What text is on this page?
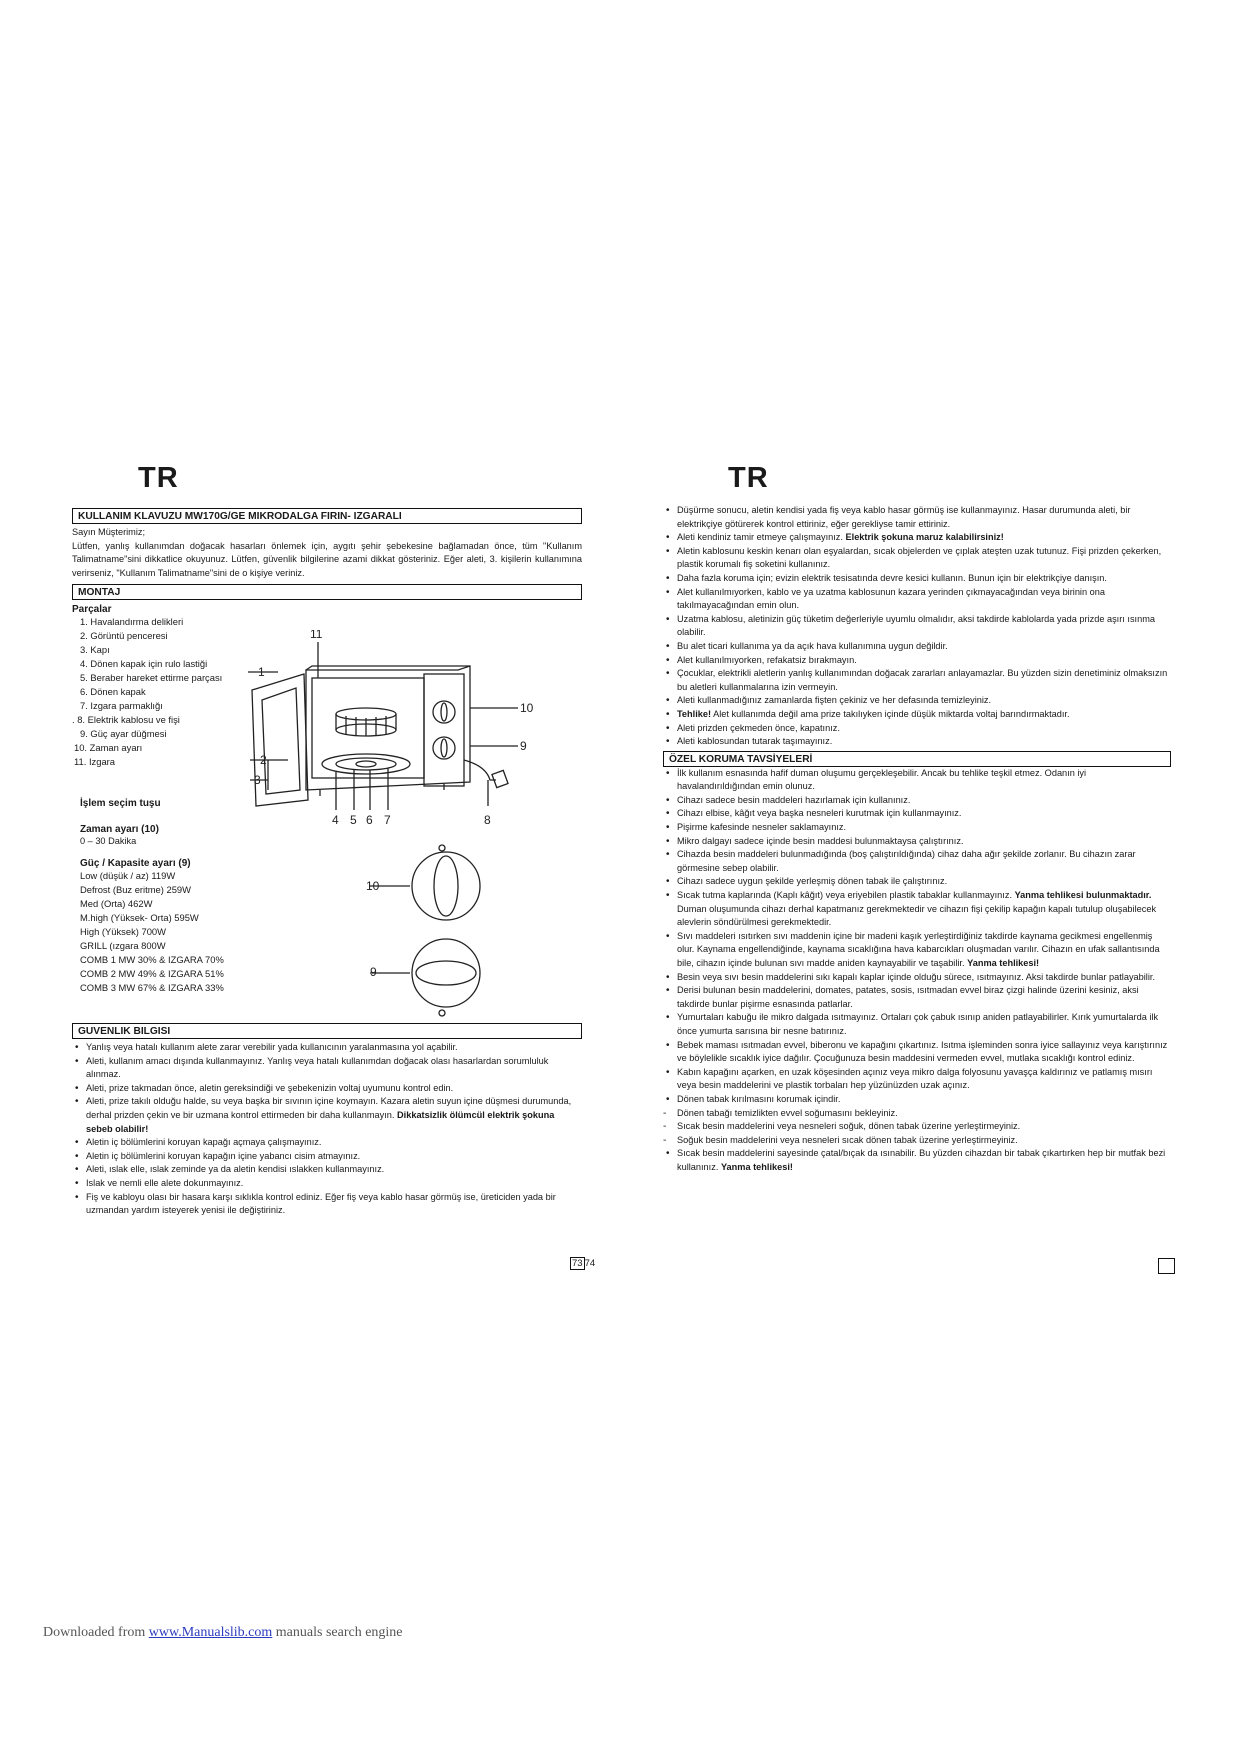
TR	TR
KULLANIM KLAVUZU MW170G/GE MIKRODALGA FIRIN- IZGARALI

Sayın Müşterimiz;

Lütfen, yanlış kullanımdan doğacak hasarları önlemek için, aygıtı şehir şebekesine bağlamadan önce, tüm "Kullanım Talimatname"sini dikkatlice okuyunuz. Lütfen, güvenlik bilgilerine azami dikkat gösteriniz. Eğer aleti, 3. kişilerin kullanımına verirseniz, "Kullanım Talimatname"sini de o kişiye veriniz.

MONTAJ
Parçalar
1. Havalandırma delikleri
2. Görüntü penceresi
3. Kapı
4. Dönen kapak için rulo lastiği
5. Beraber hareket ettirme parçası
6. Dönen kapak
7. Izgara parmaklığı
. 8. Elektrik kablosu ve fişi
9. Güç ayar düğmesi
10. Zaman ayarı
11. Izgara
İşlem seçim tuşu
Zaman ayarı (10)
0 – 30 Dakika
Güç / Kapasite ayarı (9)
Low (düşük / az) 119W
Defrost (Buz eritme) 259W
Med (Orta) 462W
M.high (Yüksek- Orta) 595W
High (Yüksek) 700W
GRILL (ızgara 800W
COMB 1 MW 30% & IZGARA 70%
COMB 2 MW 49% & IZGARA 51%
COMB 3 MW 67% & IZGARA 33%
GUVENLIK BILGISI
• Yanlış veya hatalı kullanım alete zarar verebilir yada kullanıcının yaralanmasına yol açabilir.
• Aleti, kullanım amacı dışında kullanmayınız. Yanlış veya hatalı kullanımdan doğacak olası hasarlardan sorumluluk alınmaz.
• Aleti, prize takmadan önce, aletin gereksindiği ve şebekenizin voltaj uyumunu kontrol edin.
• Aleti, prize takılı olduğu halde, su veya başka bir sıvının içine koymayın. Kazara aletin suyun içine düşmesi durumunda, derhal prizden çekin ve bir uzmana kontrol ettirmeden bir daha kullanmayın. Dikkatsizlik ölümcül elektrik şokuna sebeb olabilir!
• Aletin iç bölümlerini koruyan kapağı açmaya çalışmayınız.
• Aletin iç bölümlerini koruyan kapağın içine yabancı cisim atmayınız.
• Aleti, ıslak elle, ıslak zeminde ya da aletin kendisi ıslakken kullanmayınız.
• Islak ve nemli elle alete dokunmayınız.
• Fiş ve kabloyu olası bir hasara karşı sıklıkla kontrol ediniz. Eğer fiş veya kablo hasar görmüş ise, üreticiden yada bir uzmandan yardım isteyerek yenisi ile değiştiriniz.
1
2
3
4 5 6 7	8
9
10
11
10
9
73 74
• Düşürme sonucu, aletin kendisi yada fiş veya kablo hasar görmüş ise kullanmayınız. Hasar durumunda aleti, bir elektrikçiye götürerek kontrol ettiriniz, eğer gerekliyse tamir ettiriniz.
• Aleti kendiniz tamir etmeye çalışmayınız. Elektrik şokuna maruz kalabilirsiniz!
• Aletin kablosunu keskin kenarı olan eşyalardan, sıcak objelerden ve çıplak ateşten uzak tutunuz. Fişi prizden çekerken, plastik korumalı fiş soketini kullanınız.
• Daha fazla koruma için; evizin elektrik tesisatında devre kesici kullanın. Bunun için bir elektrikçiye danışın.
• Alet kullanılmıyorken, kablo ve ya uzatma kablosunun kazara yerinden çıkmayacağından veya birinin ona takılmayacağından emin olun.
• Uzatma kablosu, aletinizin güç tüketim değerleriyle uyumlu olmalıdır, aksi takdirde kablolarda yada prizde aşırı ısınma olabilir.
• Bu alet ticari kullanıma ya da açık hava kullanımına uygun değildir.
• Alet kullanılmıyorken, refakatsiz bırakmayın.
• Çocuklar, elektrikli aletlerin yanlış kullanımından doğacak zararları anlayamazlar. Bu yüzden sizin denetiminiz olmaksızın bu aletleri kullanmalarına izin vermeyin.
• Aleti kullanmadığınız zamanlarda fişten çekiniz ve her defasında temizleyiniz.
• Tehlike! Alet kullanımda değil ama prize takılıyken içinde düşük miktarda voltaj barındırmaktadır.
• Aleti prizden çekmeden önce, kapatınız.
• Aleti kablosundan tutarak taşımayınız.
ÖZEL KORUMA TAVSİYELERİ
• İlk kullanım esnasında hafif duman oluşumu gerçekleşebilir. Ancak bu tehlike teşkil etmez. Odanın iyi havalandırıldığından emin olunuz.
• Cihazı sadece besin maddeleri hazırlamak için kullanınız.
• Cihazı elbise, kâğıt veya başka nesneleri kurutmak için kullanmayınız.
• Pişirme kafesinde nesneler saklamayınız.
• Mikro dalgayı sadece içinde besin maddesi bulunmaktaysa çalıştırınız.
• Cihazda besin maddeleri bulunmadığında (boş çalıştırıldığında) cihaz daha ağır şekilde zorlanır. Bu cihazın zarar görmesine sebep olabilir.
• Cihazı sadece uygun şekilde yerleşmiş dönen tabak ile çalıştırınız.
• Sıcak tutma kaplarında (Kaplı kâğıt) veya eriyebilen plastik tabaklar kullanmayınız. Yanma tehlikesi bulunmaktadır. Duman oluşumunda cihazı derhal kapatmanız gerekmektedir ve cihazın fişi çekilip kapağın kapalı tutulup oluşabilecek alevlerin söndürülmesi gerekmektedir.
• Sıvı maddeleri ısıtırken sıvı maddenin içine bir madeni kaşık yerleştirdiğiniz takdirde kaynama gecikmesi engellenmiş olur. Kaynama engellendiğinde, kaynama sıcaklığına hava kabarcıkları oluşmadan varılır. Cihazın en ufak sallantısında bile, cihazın içinde bulunan sıvı madde aniden kaynayabilir ve taşabilir. Yanma tehlikesi!
• Besin veya sıvı besin maddelerini sıkı kapalı kaplar içinde olduğu sürece, ısıtmayınız. Aksi takdirde bunlar patlayabilir.
• Derisi bulunan besin maddelerini, domates, patates, sosis, ısıtmadan evvel biraz çizgi halinde üzerini kesiniz, aksi takdirde bunlar pişirme esnasında patlarlar.
• Yumurtaları kabuğu ile mikro dalgada ısıtmayınız. Ortaları çok çabuk ısınıp aniden patlayabilirler. Kırık yumurtalarda ilk önce yumurta sarısına bir nesne batırınız.
• Bebek maması ısıtmadan evvel, biberonu ve kapağını çıkartınız. Isıtma işleminden sonra iyice sallayınız veya karıştırınız ve böylelikle sıcaklık iyice dağılır. Çocuğunuza besin maddesini vermeden evvel, mutlaka sıcaklığı kontrol ediniz.
• Kabın kapağını açarken, en uzak köşesinden açınız veya mikro dalga folyosunu yavaşça kaldırınız ve patlamış mısırı veya besin maddelerini ve plastik torbaları hep yüzünüzden uzak açınız.
• Dönen tabak kırılmasını korumak içindir.
- Dönen tabağı temizlikten evvel soğumasını bekleyiniz.
- Sıcak besin maddelerini veya nesneleri soğuk, dönen tabak üzerine yerleştirmeyiniz.
- Soğuk besin maddelerini veya nesneleri sıcak dönen tabak üzerine yerleştirmeyiniz.
• Sıcak besin maddelerini sayesinde çatal/bıçak da ısınabilir. Bu yüzden cihazdan bir tabak çıkartırken hep bir mutfak bezi kullanınız. Yanma tehlikesi!
Downloaded from www.Manualslib.com manuals search engine
